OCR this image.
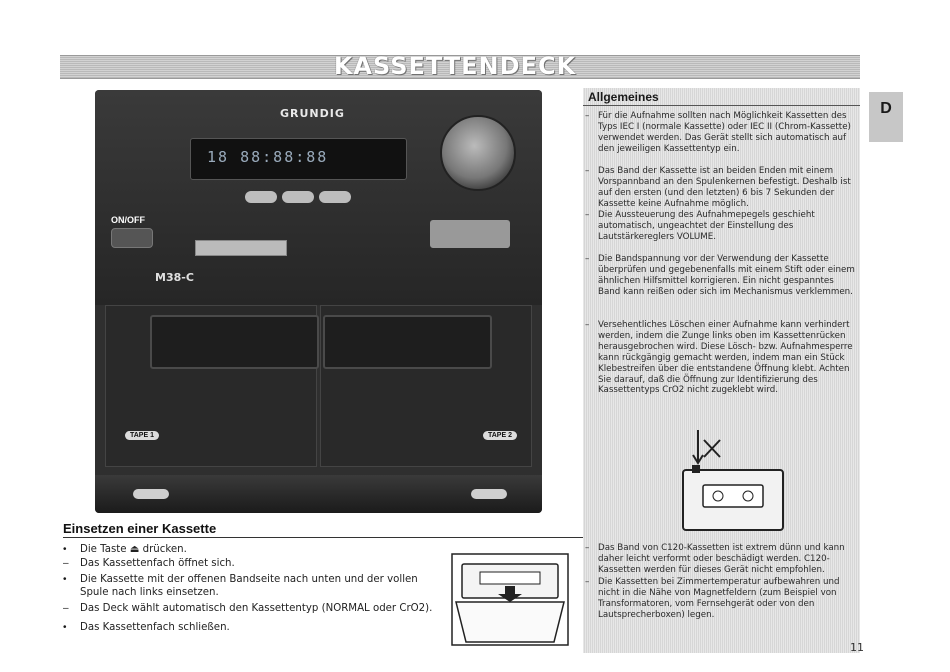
KASSETTENDECK
D
GRUNDIG
18 88:88:88
ON/OFF
M38-C
TAPE 1	TAPE 2
Allgemeines
– Für die Aufnahme sollten nach Möglichkeit Kassetten des Typs IEC I (normale Kassette) oder IEC II (Chrom-Kassette) verwendet werden. Das Gerät stellt sich automatisch auf den jeweiligen Kassettentyp ein.
– Das Band der Kassette ist an beiden Enden mit einem Vorspannband an den Spulenkernen befestigt. Deshalb ist auf den ersten (und den letzten) 6 bis 7 Sekunden der Kassette keine Aufnahme möglich.
– Die Aussteuerung des Aufnahmepegels geschieht automatisch, ungeachtet der Einstellung des Lautstärkereglers VOLUME.
– Die Bandspannung vor der Verwendung der Kassette überprüfen und gegebenenfalls mit einem Stift oder einem ähnlichen Hilfsmittel korrigieren. Ein nicht gespanntes Band kann reißen oder sich im Mechanismus verklemmen.
– Versehentliches Löschen einer Aufnahme kann verhindert werden, indem die Zunge links oben im Kassettenrücken herausgebrochen wird. Diese Lösch- bzw. Aufnahmesperre kann rückgängig gemacht werden, indem man ein Stück Klebestreifen über die entstandene Öffnung klebt. Achten Sie darauf, daß die Öffnung zur Identifizierung des Kassettentyps CrO2 nicht zugeklebt wird.
– Das Band von C120-Kassetten ist extrem dünn und kann daher leicht verformt oder beschädigt werden. C120-Kassetten werden für dieses Gerät nicht empfohlen.
– Die Kassetten bei Zimmertemperatur aufbewahren und nicht in die Nähe von Magnetfeldern (zum Beispiel von Transformatoren, vom Fernsehgerät oder von den Lautsprecherboxen) legen.
Einsetzen einer Kassette
• Die Taste ⏏ drücken.
– Das Kassettenfach öffnet sich.
• Die Kassette mit der offenen Bandseite nach unten und der vollen Spule nach links einsetzen.
– Das Deck wählt automatisch den Kassettentyp (NORMAL oder CrO2).
• Das Kassettenfach schließen.
11
